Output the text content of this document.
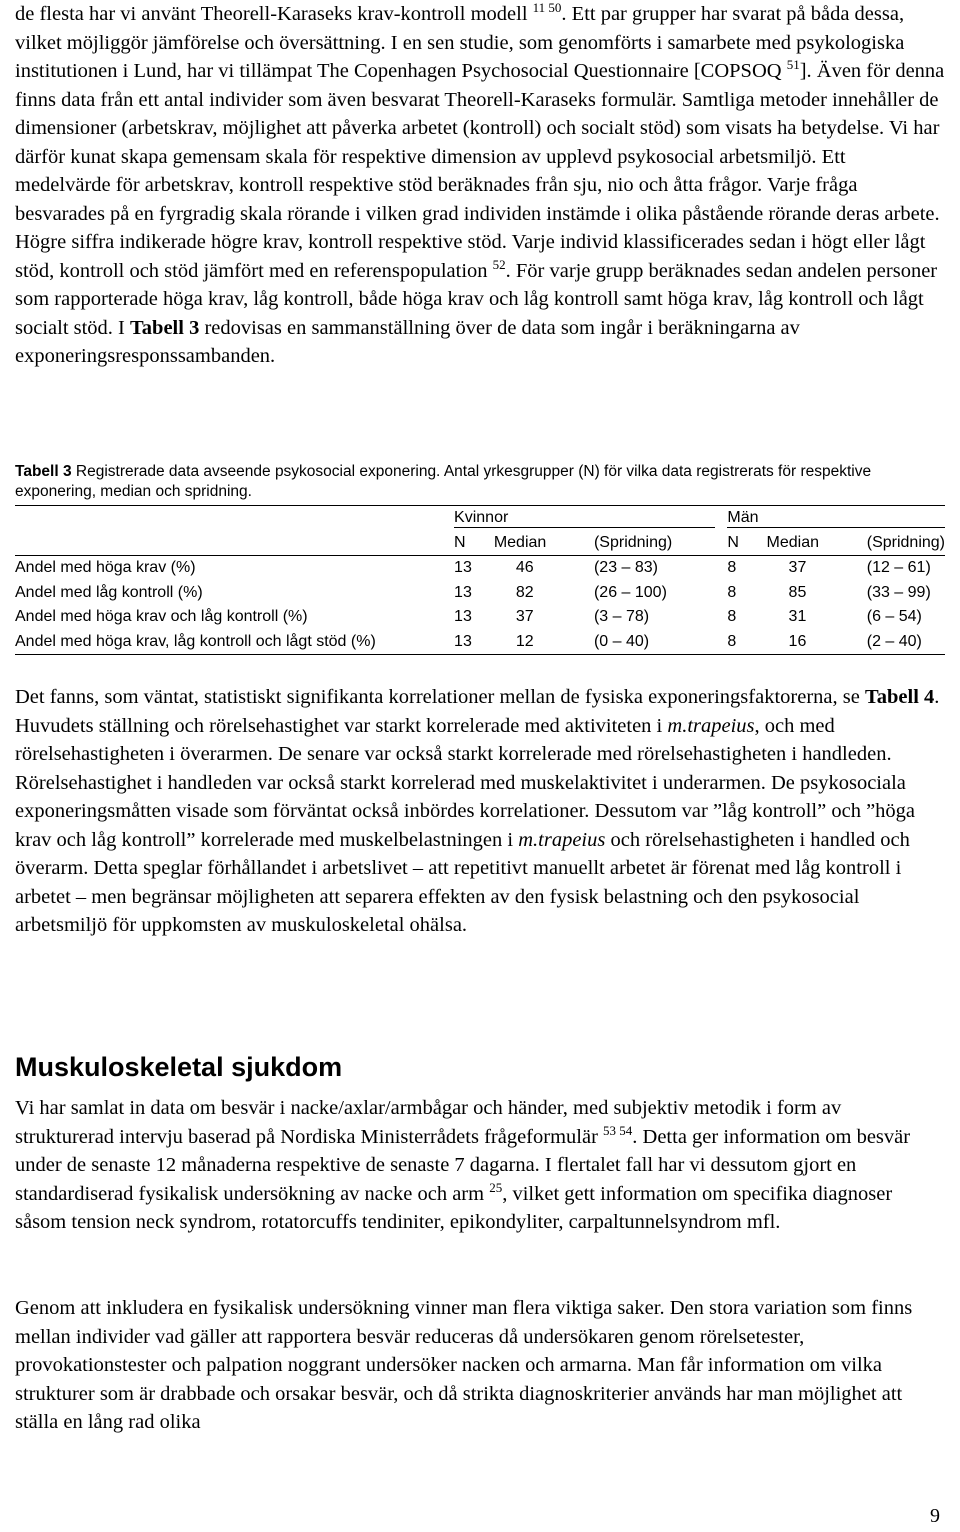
de flesta har vi använt Theorell-Karaseks krav-kontroll modell $^{11 50}$. Ett par grupper har svarat på båda dessa, vilket möjliggör jämförelse och översättning. I en sen studie, som genomförts i samarbete med psykologiska institutionen i Lund, har vi tillämpat The Copenhagen Psychosocial Questionnaire [COPSOQ $^{51}$]. Även för denna finns data från ett antal individer som även besvarat Theorell-Karaseks formulär. Samtliga metoder innehåller de dimensioner (arbetskrav, möjlighet att påverka arbetet (kontroll) och socialt stöd) som visats ha betydelse. Vi har därför kunat skapa gemensam skala för respektive dimension av upplevd psykosocial arbetsmiljö. Ett medelvärde för arbetskrav, kontroll respektive stöd beräknades från sju, nio och åtta frågor. Varje fråga besvarades på en fyrgradig skala rörande i vilken grad individen instämde i olika påstående rörande deras arbete. Högre siffra indikerade högre krav, kontroll respektive stöd. Varje individ klassificerades sedan i högt eller lågt stöd, kontroll och stöd jämfört med en referenspopulation $^{52}$. För varje grupp beräknades sedan andelen personer som rapporterade höga krav, låg kontroll, både höga krav och låg kontroll samt höga krav, låg kontroll och lågt socialt stöd. I Tabell 3 redovisas en sammanställning över de data som ingår i beräkningarna av exponeringsresponssambanden.

Tabell 3 Registrerade data avseende psykosocial exponering. Antal yrkesgrupper (N) för vilka data registrerats för respektive exponering, median och spridning.

	Kvinnor			Män		

	N	Median	(Spridning)	N	Median	(Spridning)
Andel med höga krav (%)	13	46	(23 – 83)	8	37	(12 – 61)
Andel med låg kontroll (%)	13	82	(26 – 100)	8	85	(33 – 99)
Andel med höga krav och låg kontroll (%)	13	37	(3 – 78)	8	31	(6 – 54)
Andel med höga krav, låg kontroll och lågt stöd (%)	13	12	(0 – 40)	8	16	(2 – 40)

Det fanns, som väntat, statistiskt signifikanta korrelationer mellan de fysiska exponeringsfaktorerna, se Tabell 4. Huvudets ställning och rörelsehastighet var starkt korrelerade med aktiviteten i m.trapeius, och med rörelsehastigheten i överarmen. De senare var också starkt korrelerade med rörelsehastigheten i handleden. Rörelsehastighet i handleden var också starkt korrelerad med muskelaktivitet i underarmen. De psykosociala exponeringsmåtten visade som förväntat också inbördes korrelationer. Dessutom var ”låg kontroll” och ”höga krav och låg kontroll” korrelerade med muskelbelastningen i m.trapeius och rörelsehastigheten i handled och överarm. Detta speglar förhållandet i arbetslivet – att repetitivt manuellt arbetet är förenat med låg kontroll i arbetet – men begränsar möjligheten att separera effekten av den fysisk belastning och den psykosocial arbetsmiljö för uppkomsten av muskuloskeletal ohälsa.

Muskuloskeletal sjukdom

Vi har samlat in data om besvär i nacke/axlar/armbågar och händer, med subjektiv metodik i form av strukturerad intervju baserad på Nordiska Ministerrådets frågeformulär $^{53 54}$. Detta ger information om besvär under de senaste 12 månaderna respektive de senaste 7 dagarna. I flertalet fall har vi dessutom gjort en standardiserad fysikalisk undersökning av nacke och arm $^{25}$, vilket gett information om specifika diagnoser såsom tension neck syndrom, rotatorcuffs tendiniter, epikondyliter, carpaltunnelsyndrom mfl.

Genom att inkludera en fysikalisk undersökning vinner man flera viktiga saker. Den stora variation som finns mellan individer vad gäller att rapportera besvär reduceras då undersökaren genom rörelsetester, provokationstester och palpation noggrant undersöker nacken och armarna. Man får information om vilka strukturer som är drabbade och orsakar besvär, och då strikta diagnoskriterier används har man möjlighet att ställa en lång rad olika

9
